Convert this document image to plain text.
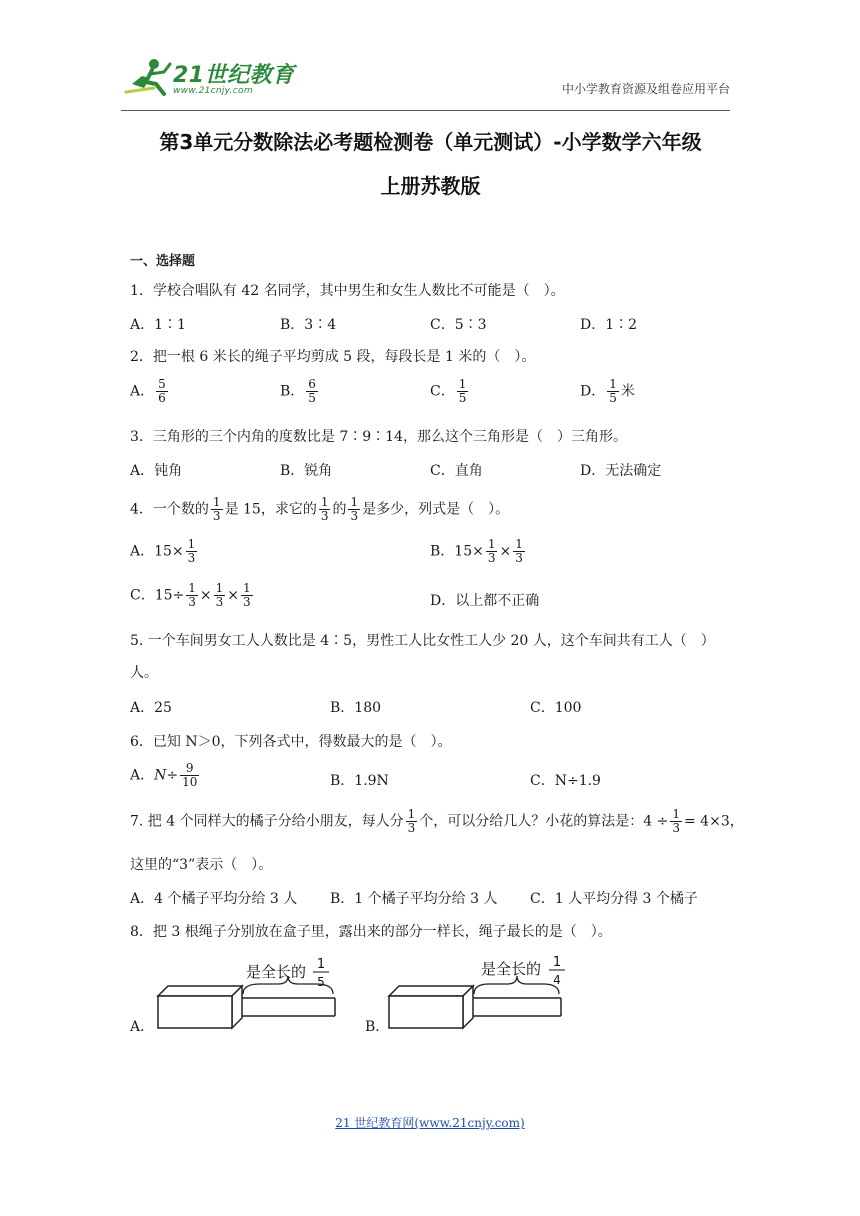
21世纪教育
www.21cnjy.com	中小学教育资源及组卷应用平台
第3单元分数除法必考题检测卷（单元测试）-小学数学六年级
上册苏教版
一、选择题
1．学校合唱队有 42 名同学，其中男生和女生人数比不可能是（　）。
A．1∶1	B．3∶4	C．5∶3	D．1∶2
2．把一根 6 米长的绳子平均剪成 5 段，每段长是 1 米的（　）。
A． $\frac{5}{6}$	B． $\frac{6}{5}$	C． $\frac{1}{5}$	D． $\frac{1}{5}$ 米
3．三角形的三个内角的度数比是 7∶9∶14，那么这个三角形是（　）三角形。
A．钝角	B．锐角	C．直角	D．无法确定
4．一个数的 $\frac{1}{3}$ 是 15，求它的 $\frac{1}{3}$ 的 $\frac{1}{3}$ 是多少，列式是（　）。
A．$15\times \frac{1}{3}$	B．$15\times \frac{1}{3} \times \frac{1}{3}$
C．$15\div \frac{1}{3} \times \frac{1}{3} \times \frac{1}{3}$	D．以上都不正确
5. 一个车间男女工人人数比是 4∶5，男性工人比女性工人少 20 人，这个车间共有工人（　）
人。
A．25	B．180	C．100
6．已知 N＞0，下列各式中，得数最大的是（　）。
A．$N\div \frac{9}{10}$	B．1.9N	C．N÷1.9
7. 把 4 个同样大的橘子分给小朋友，每人分 $\frac{1}{3}$ 个，可以分给几人？小花的算法是：$4 \div \frac{1}{3} = 4\times 3$，
这里的“3”表示（　）。
A．4 个橘子平均分给 3 人 B．1 个橘子平均分给 3 人 C．1 人平均分得 3 个橘子
8．把 3 根绳子分别放在盒子里，露出来的部分一样长，绳子最长的是（　）。
A．	B．
是全长的 1
5
是全长的 1
4
21 世纪教育网(www.21cnjy.com)
